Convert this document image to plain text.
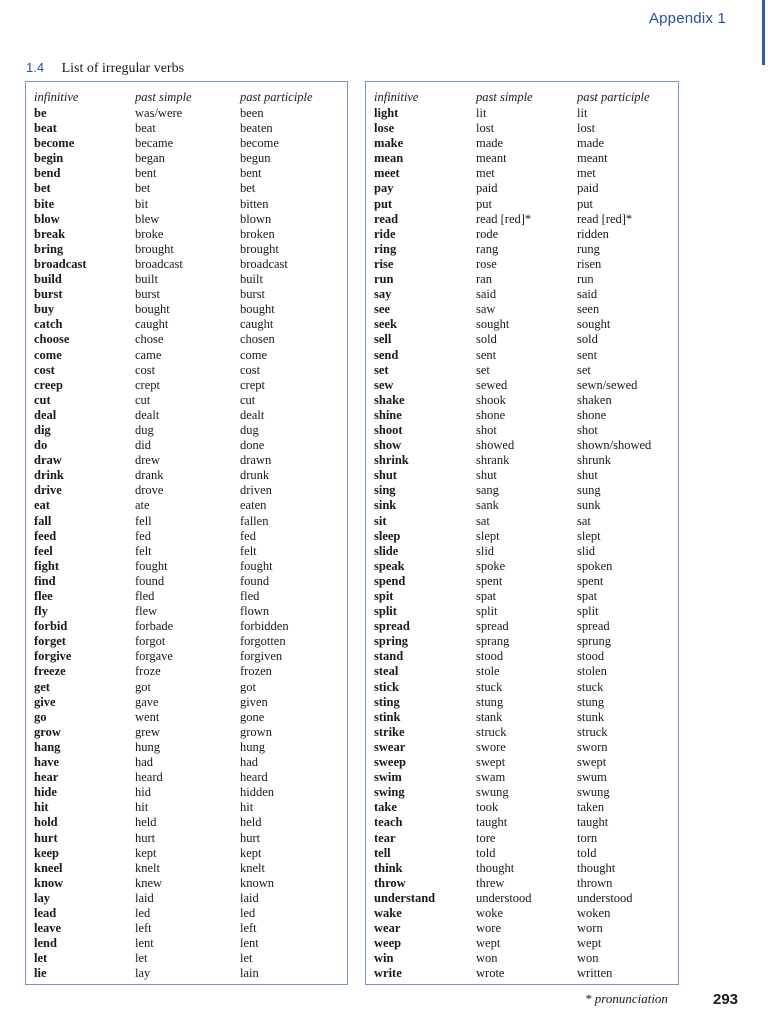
Appendix 1
1.4 List of irregular verbs
infinitive	past simple	past participle
be	was/were	been
beat	beat	beaten
become	became	become
begin	began	begun
bend	bent	bent
bet	bet	bet
bite	bit	bitten
blow	blew	blown
break	broke	broken
bring	brought	brought
broadcast	broadcast	broadcast
build	built	built
burst	burst	burst
buy	bought	bought
catch	caught	caught
choose	chose	chosen
come	came	come
cost	cost	cost
creep	crept	crept
cut	cut	cut
deal	dealt	dealt
dig	dug	dug
do	did	done
draw	drew	drawn
drink	drank	drunk
drive	drove	driven
eat	ate	eaten
fall	fell	fallen
feed	fed	fed
feel	felt	felt
fight	fought	fought
find	found	found
flee	fled	fled
fly	flew	flown
forbid	forbade	forbidden
forget	forgot	forgotten
forgive	forgave	forgiven
freeze	froze	frozen
get	got	got
give	gave	given
go	went	gone
grow	grew	grown
hang	hung	hung
have	had	had
hear	heard	heard
hide	hid	hidden
hit	hit	hit
hold	held	held
hurt	hurt	hurt
keep	kept	kept
kneel	knelt	knelt
know	knew	known
lay	laid	laid
lead	led	led
leave	left	left
lend	lent	lent
let	let	let
lie	lay	lain
infinitive	past simple	past participle
light	lit	lit
lose	lost	lost
make	made	made
mean	meant	meant
meet	met	met
pay	paid	paid
put	put	put
read	read [red]*	read [red]*
ride	rode	ridden
ring	rang	rung
rise	rose	risen
run	ran	run
say	said	said
see	saw	seen
seek	sought	sought
sell	sold	sold
send	sent	sent
set	set	set
sew	sewed	sewn/sewed
shake	shook	shaken
shine	shone	shone
shoot	shot	shot
show	showed	shown/showed
shrink	shrank	shrunk
shut	shut	shut
sing	sang	sung
sink	sank	sunk
sit	sat	sat
sleep	slept	slept
slide	slid	slid
speak	spoke	spoken
spend	spent	spent
spit	spat	spat
split	split	split
spread	spread	spread
spring	sprang	sprung
stand	stood	stood
steal	stole	stolen
stick	stuck	stuck
sting	stung	stung
stink	stank	stunk
strike	struck	struck
swear	swore	sworn
sweep	swept	swept
swim	swam	swum
swing	swung	swung
take	took	taken
teach	taught	taught
tear	tore	torn
tell	told	told
think	thought	thought
throw	threw	thrown
understand	understood	understood
wake	woke	woken
wear	wore	worn
weep	wept	wept
win	won	won
write	wrote	written
* pronunciation	293
